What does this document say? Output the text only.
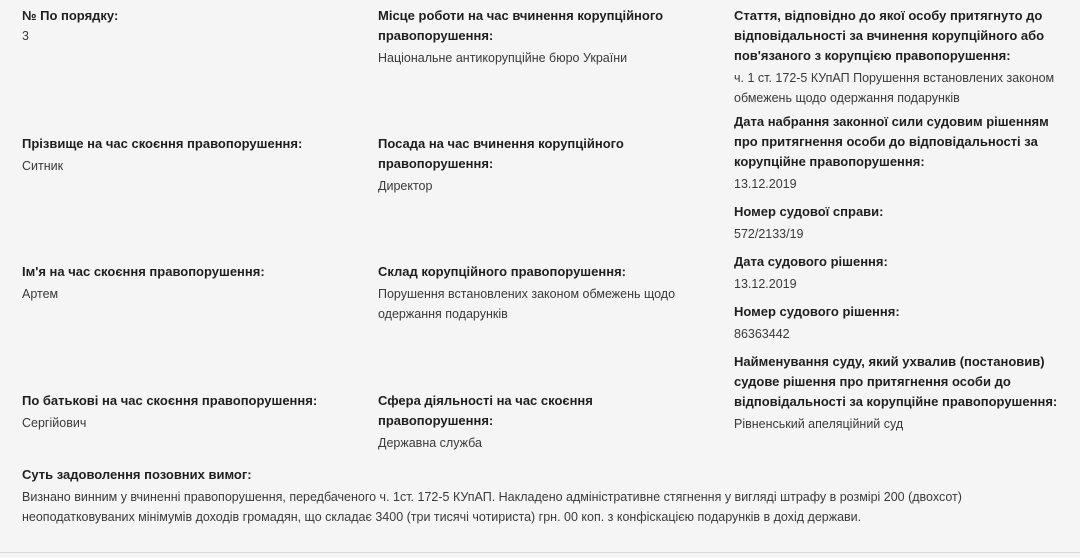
№ По порядку:
3
Прізвище на час скоєння правопорушення:
Ситник
Ім'я на час скоєння правопорушення:
Артем
По батькові на час скоєння правопорушення:
Сергійович
Місце роботи на час вчинення корупційного правопорушення:
Національне антикорупційне бюро України
Посада на час вчинення корупційного правопорушення:
Директор
Склад корупційного правопорушення:
Порушення встановлених законом обмежень щодо одержання подарунків
Сфера діяльності на час скоєння правопорушення:
Державна служба
Стаття, відповідно до якої особу притягнуто до відповідальності за вчинення корупційного або пов'язаного з корупцією правопорушення:
ч. 1 ст. 172-5 КУпАП Порушення встановлених законом обмежень щодо одержання подарунків
Дата набрання законної сили судовим рішенням про притягнення особи до відповідальності за корупційне правопорушення:
13.12.2019
Номер судової справи:
572/2133/19
Дата судового рішення:
13.12.2019
Номер судового рішення:
86363442
Найменування суду, який ухвалив (постановив) судове рішення про притягнення особи до відповідальності за корупційне правопорушення:
Рівненський апеляційний суд
Суть задоволення позовних вимог:
Визнано винним у вчиненні правопорушення, передбаченого ч. 1ст. 172-5 КУпАП. Накладено адміністративне стягнення у вигляді штрафу в розмірі 200 (двохсот) неоподатковуваних мінімумів доходів громадян, що складає 3400 (три тисячі чотириста) грн. 00 коп. з конфіскацією подарунків в дохід держави.
